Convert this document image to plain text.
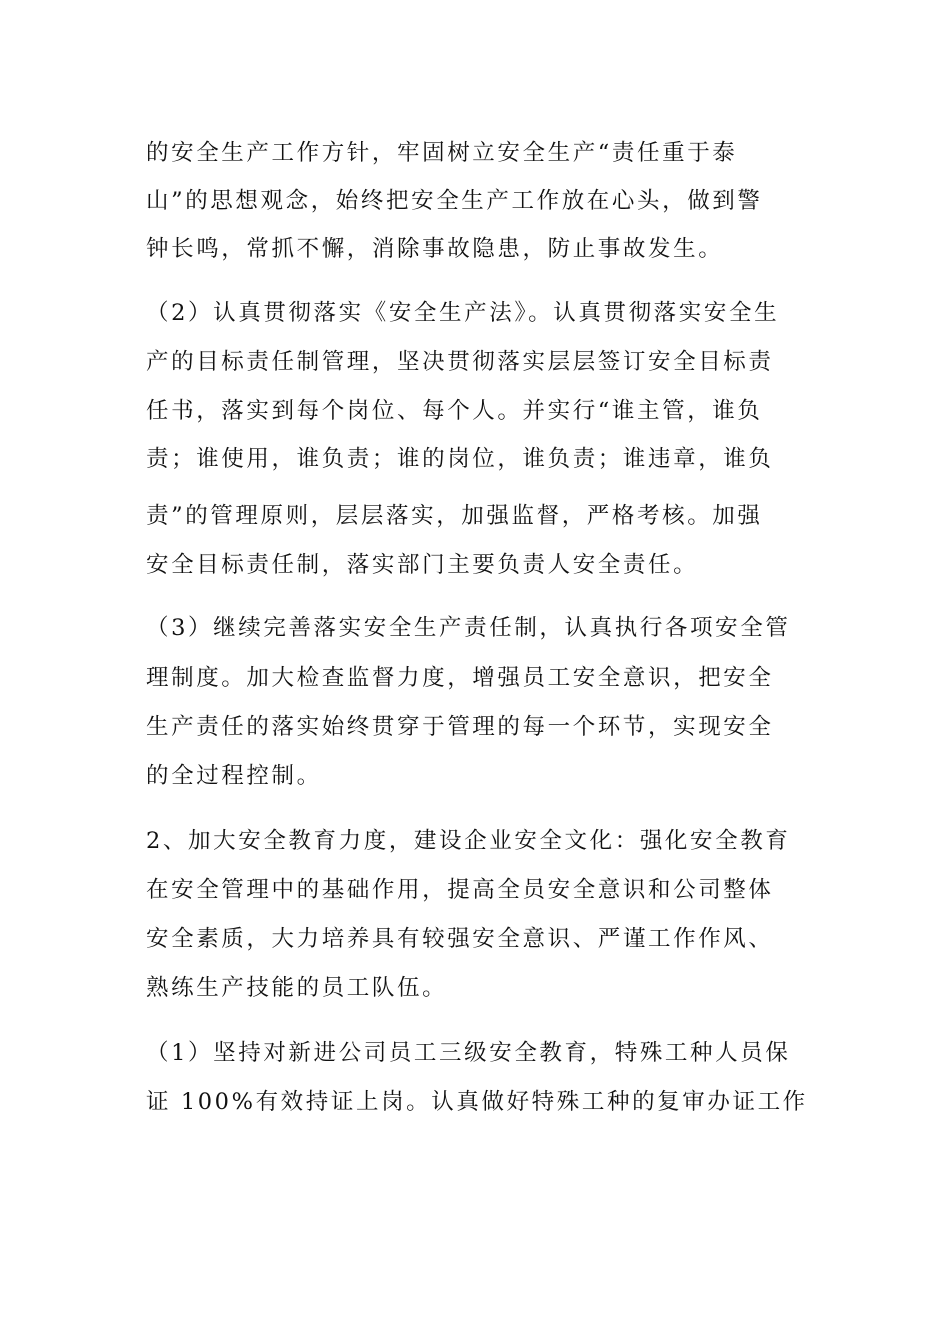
的安全生产工作方针，牢固树立安全生产“责任重于泰
山”的思想观念，始终把安全生产工作放在心头，做到警
钟长鸣，常抓不懈，消除事故隐患，防止事故发生。
（2）认真贯彻落实《安全生产法》。认真贯彻落实安全生
产的目标责任制管理，坚决贯彻落实层层签订安全目标责
任书，落实到每个岗位、每个人。并实行“谁主管，谁负
责；谁使用，谁负责；谁的岗位，谁负责；谁违章，谁负
责”的管理原则，层层落实，加强监督，严格考核。加强
安全目标责任制，落实部门主要负责人安全责任。
（3）继续完善落实安全生产责任制，认真执行各项安全管
理制度。加大检查监督力度，增强员工安全意识，把安全
生产责任的落实始终贯穿于管理的每一个环节，实现安全
的全过程控制。
2、加大安全教育力度，建设企业安全文化：强化安全教育
在安全管理中的基础作用，提高全员安全意识和公司整体
安全素质，大力培养具有较强安全意识、严谨工作作风、
熟练生产技能的员工队伍。
（1）坚持对新进公司员工三级安全教育，特殊工种人员保
证 100%有效持证上岗。认真做好特殊工种的复审办证工作
